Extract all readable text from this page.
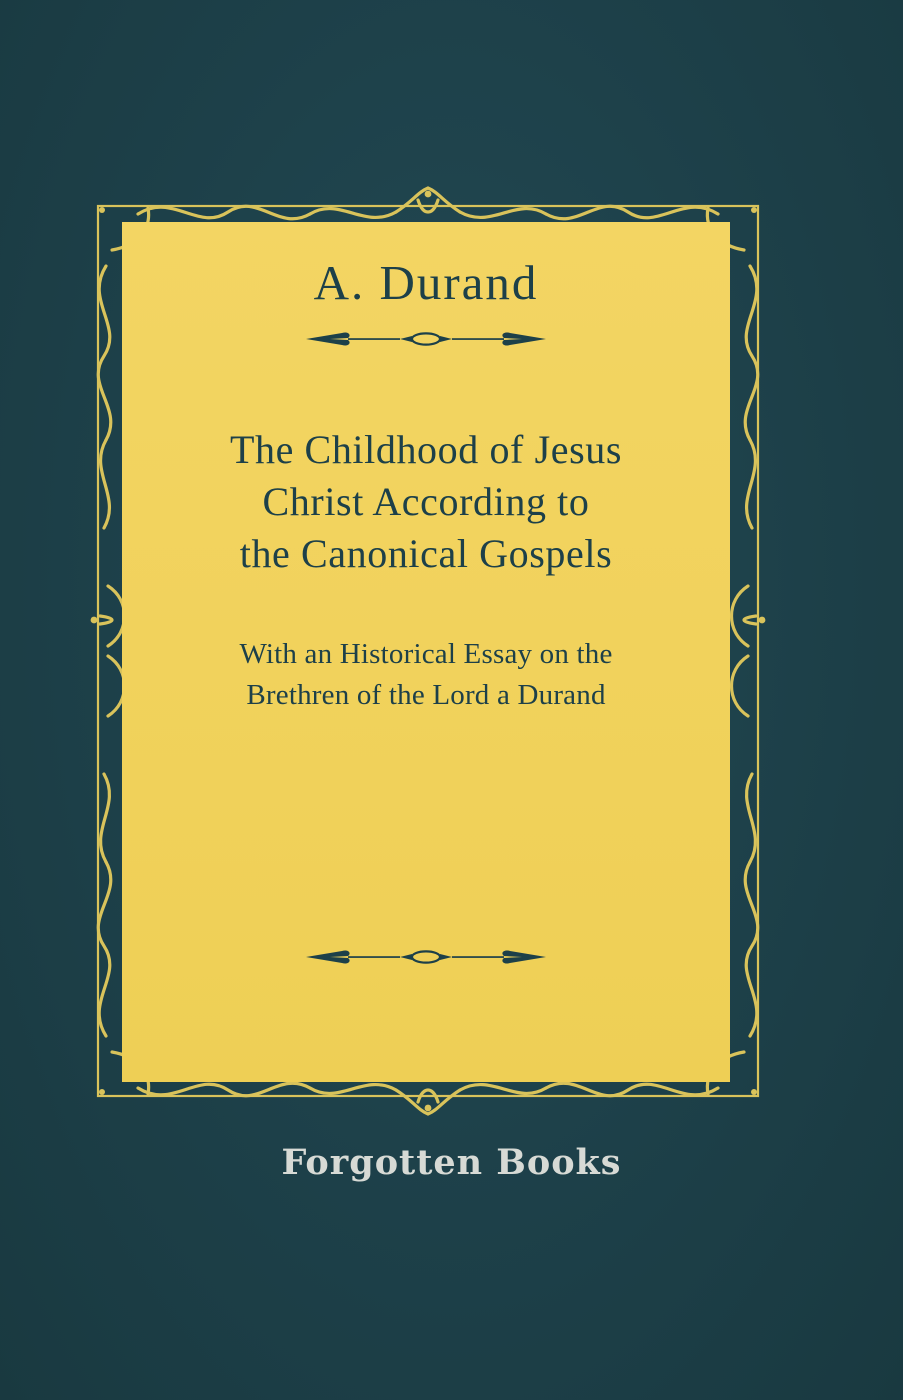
A. Durand
The Childhood of Jesus
Christ According to
the Canonical Gospels
With an Historical Essay on the
Brethren of the Lord a Durand
Forgotten Books
